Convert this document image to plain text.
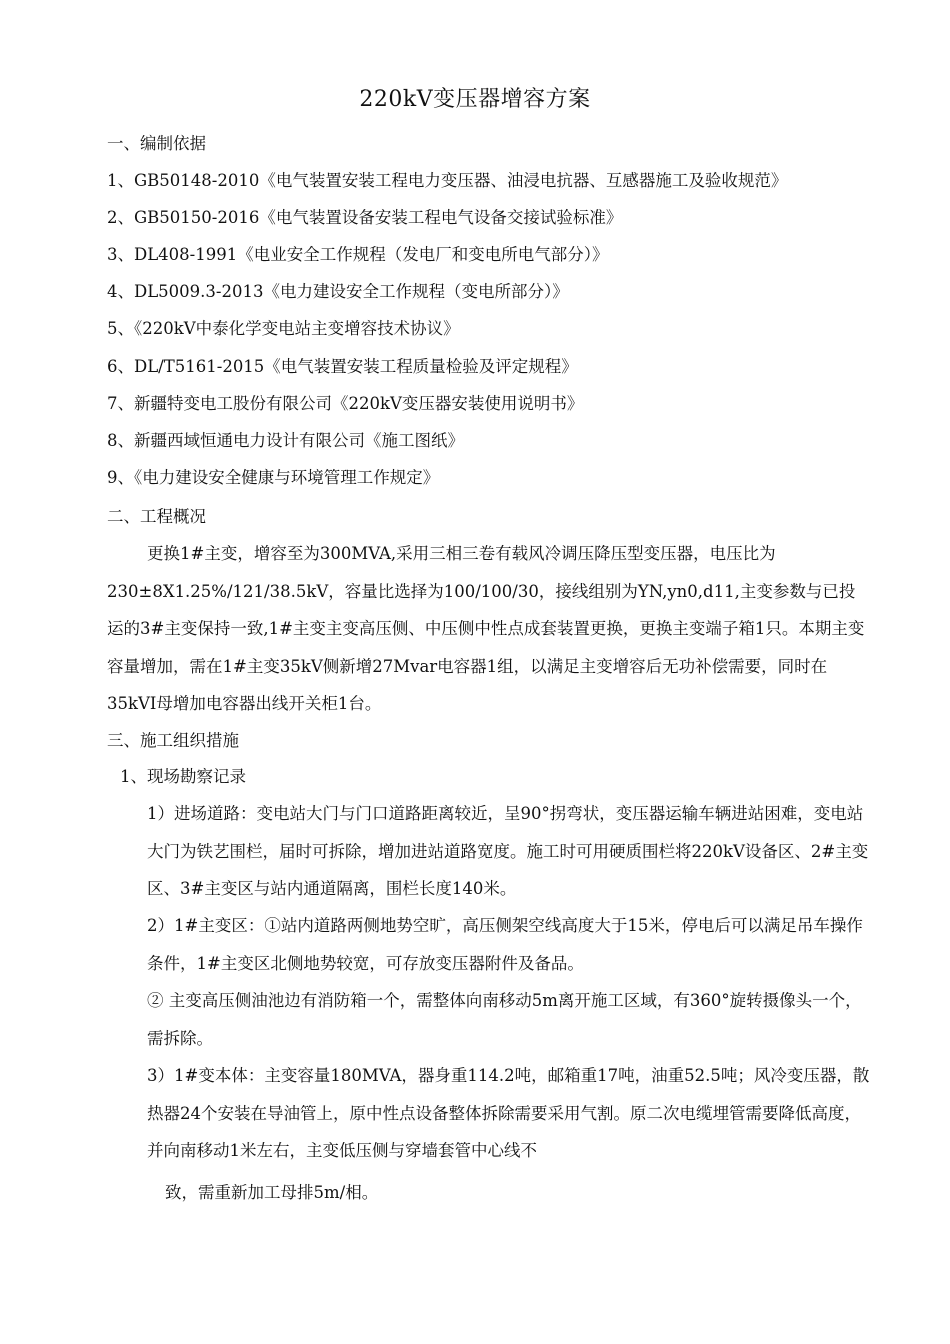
220kV变压器增容方案
一、编制依据
1、GB50148-2010《电气装置安装工程电力变压器、油浸电抗器、互感器施工及验收规范》
2、GB50150-2016《电气装置设备安装工程电气设备交接试验标准》
3、DL408-1991《电业安全工作规程（发电厂和变电所电气部分）》
4、DL5009.3-2013《电力建设安全工作规程（变电所部分）》
5、《220kV中泰化学变电站主变增容技术协议》
6、DL/T5161-2015《电气装置安装工程质量检验及评定规程》
7、新疆特变电工股份有限公司《220kV变压器安装使用说明书》
8、新疆西域恒通电力设计有限公司《施工图纸》
9、《电力建设安全健康与环境管理工作规定》
二、工程概况

更换1#主变，增容至为300MVA,采用三相三卷有载风冷调压降压型变压器，电压比为230±8X1.25%/121/38.5kV，容量比选择为100/100/30，接线组别为YN,yn0,d11,主变参数与已投运的3#主变保持一致,1#主变主变高压侧、中压侧中性点成套装置更换，更换主变端子箱1只。本期主变容量增加，需在1#主变35kV侧新增27Mvar电容器1组，以满足主变增容后无功补偿需要，同时在35kVI母增加电容器出线开关柜1台。

三、施工组织措施
1、现场勘察记录

1）进场道路：变电站大门与门口道路距离较近，呈90°拐弯状，变压器运输车辆进站困难，变电站大门为铁艺围栏，届时可拆除，增加进站道路宽度。施工时可用硬质围栏将220kV设备区、2#主变区、3#主变区与站内通道隔离，围栏长度140米。

2）1#主变区：①站内道路两侧地势空旷，高压侧架空线高度大于15米，停电后可以满足吊车操作条件，1#主变区北侧地势较宽，可存放变压器附件及备品。

② 主变高压侧油池边有消防箱一个，需整体向南移动5m离开施工区域，有360°旋转摄像头一个，需拆除。

3）1#变本体：主变容量180MVA，器身重114.2吨，邮箱重17吨，油重52.5吨；风冷变压器，散热器24个安装在导油管上，原中性点设备整体拆除需要采用气割。原二次电缆埋管需要降低高度，并向南移动1米左右，主变低压侧与穿墙套管中心线不

致，需重新加工母排5m/相。
